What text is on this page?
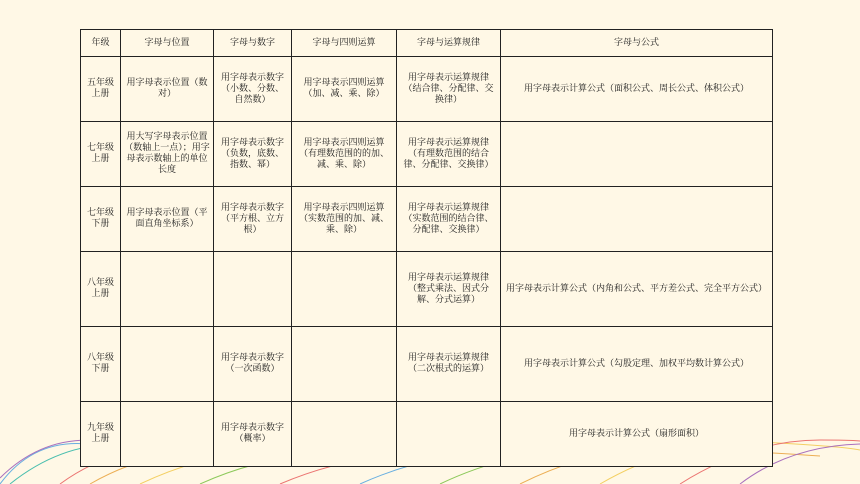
年级	字母与位置	字母与数字	字母与四则运算	字母与运算规律	字母与公式
五年级上册	用字母表示位置（数对）	用字母表示数字（小数、分数、自然数）	用字母表示四则运算（加、减、乘、除）	用字母表示运算规律（结合律、分配律、交换律）	用字母表示计算公式（面积公式、周长公式、体积公式）
七年级上册	用大写字母表示位置（数轴上一点）；用字母表示数轴上的单位长度	用字母表示数字（负数，底数、指数、幂）	用字母表示四则运算（有理数范围的的加、减、乘、除）	用字母表示运算规律（有理数范围的结合律、分配律、交换律）	
七年级下册	用字母表示位置（平面直角坐标系）	用字母表示数字（平方根、立方根）	用字母表示四则运算（实数范围的加、减、乘、除）	用字母表示运算规律（实数范围的结合律、分配律、交换律）	
八年级上册				用字母表示运算规律（整式乘法、因式分解、分式运算）	用字母表示计算公式（内角和公式、平方差公式、完全平方公式）
八年级下册		用字母表示数字（一次函数）		用字母表示运算规律（二次根式的运算）	用字母表示计算公式（勾股定理、加权平均数计算公式）
九年级上册		用字母表示数字（概率）			用字母表示计算公式（扇形面积）
